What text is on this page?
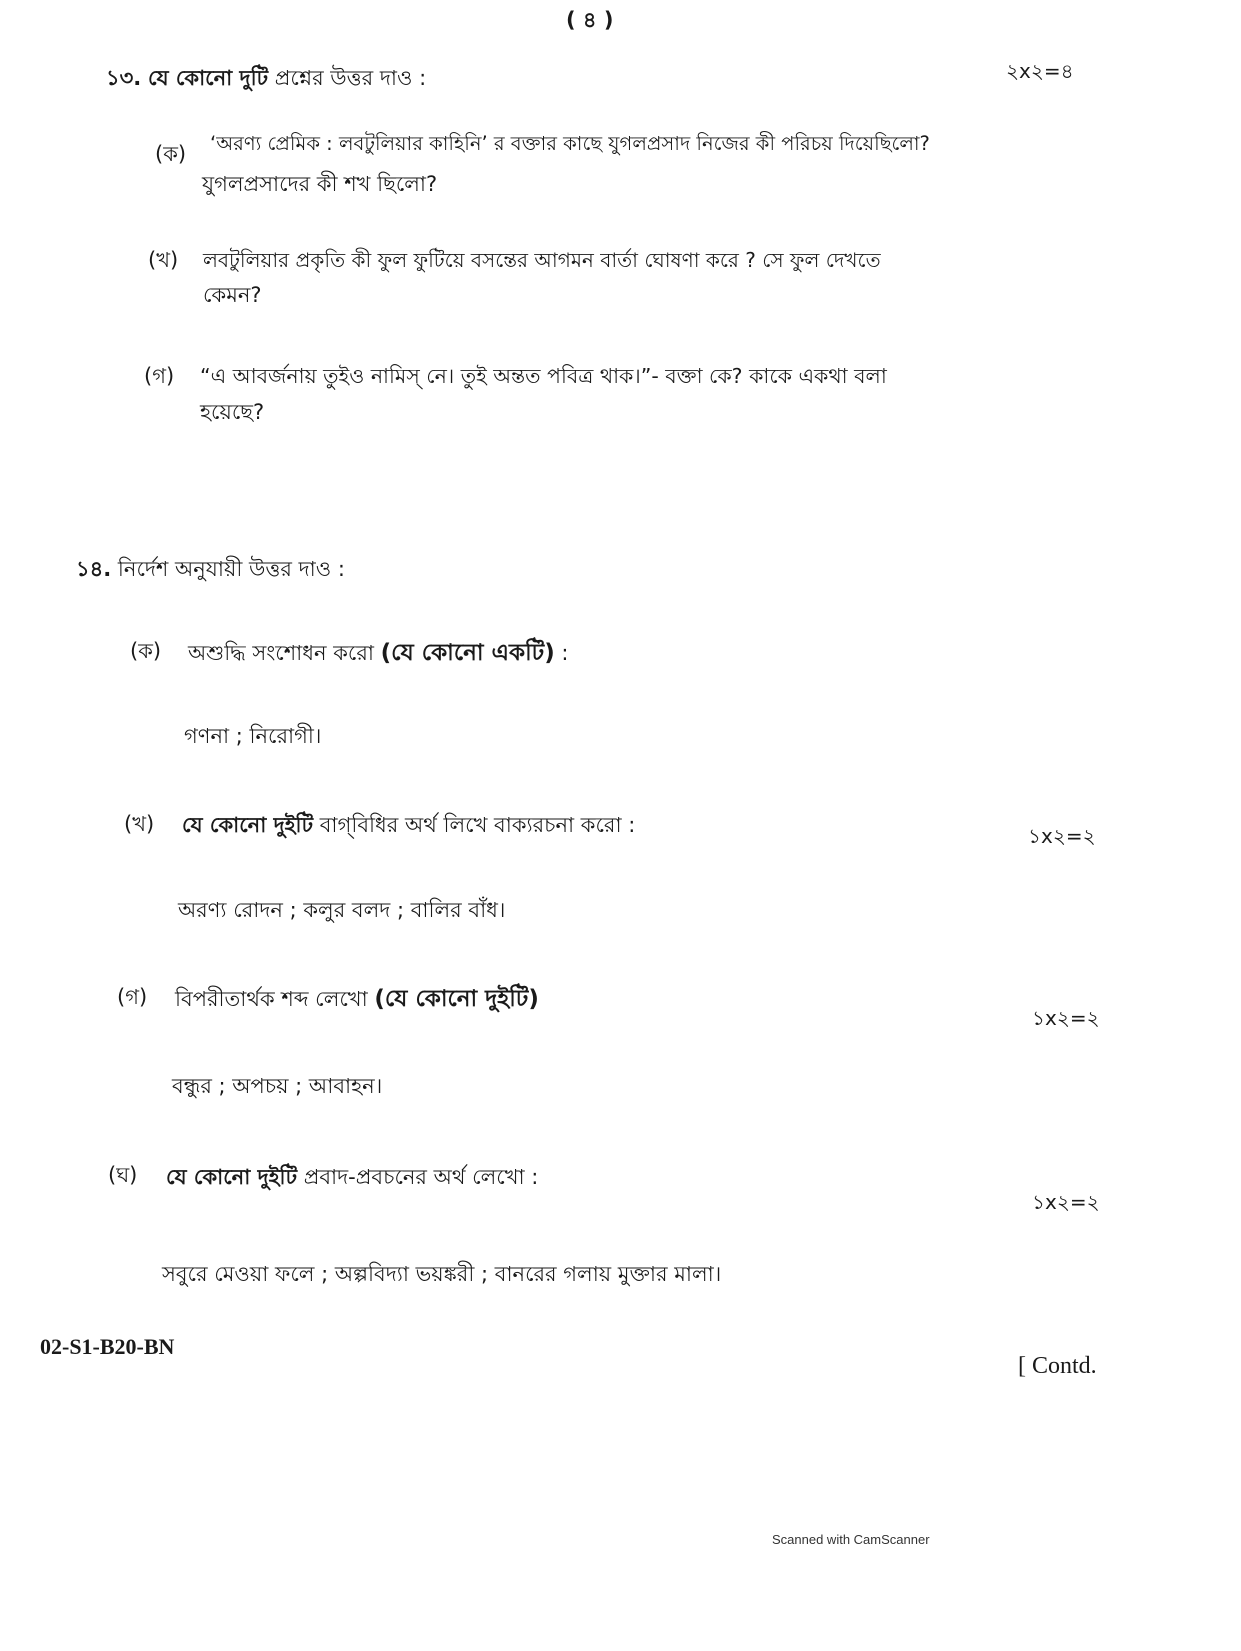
( ৪ )
১৩. যে কোনো দুটি প্রশ্নের উত্তর দাও :	২x২=৪
(ক) ‘অরণ্য প্রেমিক : লবটুলিয়ার কাহিনি’ র বক্তার কাছে যুগলপ্রসাদ নিজের কী পরিচয় দিয়েছিলো?
যুগলপ্রসাদের কী শখ ছিলো?
(খ) লবটুলিয়ার প্রকৃতি কী ফুল ফুটিয়ে বসন্তের আগমন বার্তা ঘোষণা করে ? সে ফুল দেখতে
কেমন?
(গ) “এ আবর্জনায় তুইও নামিস্ নে। তুই অন্তত পবিত্র থাক।”- বক্তা কে? কাকে একথা বলা
হয়েছে?
১৪. নির্দেশ অনুযায়ী উত্তর দাও :
(ক) অশুদ্ধি সংশোধন করো (যে কোনো একটি) :
গণনা ; নিরোগী।
(খ) যে কোনো দুইটি বাগ্‌বিধির অর্থ লিখে বাক্যরচনা করো :	১x২=২
অরণ্য রোদন ; কলুর বলদ ; বালির বাঁধ।
(গ) বিপরীতার্থক শব্দ লেখো (যে কোনো দুইটি)
১x২=২
বন্ধুর ; অপচয় ; আবাহন।
(ঘ) যে কোনো দুইটি প্রবাদ-প্রবচনের অর্থ লেখো :
১x২=২
সবুরে মেওয়া ফলে ; অল্পবিদ্যা ভয়ঙ্করী ; বানরের গলায় মুক্তার মালা।
02-S1-B20-BN
[ Contd.
Scanned with CamScanner
